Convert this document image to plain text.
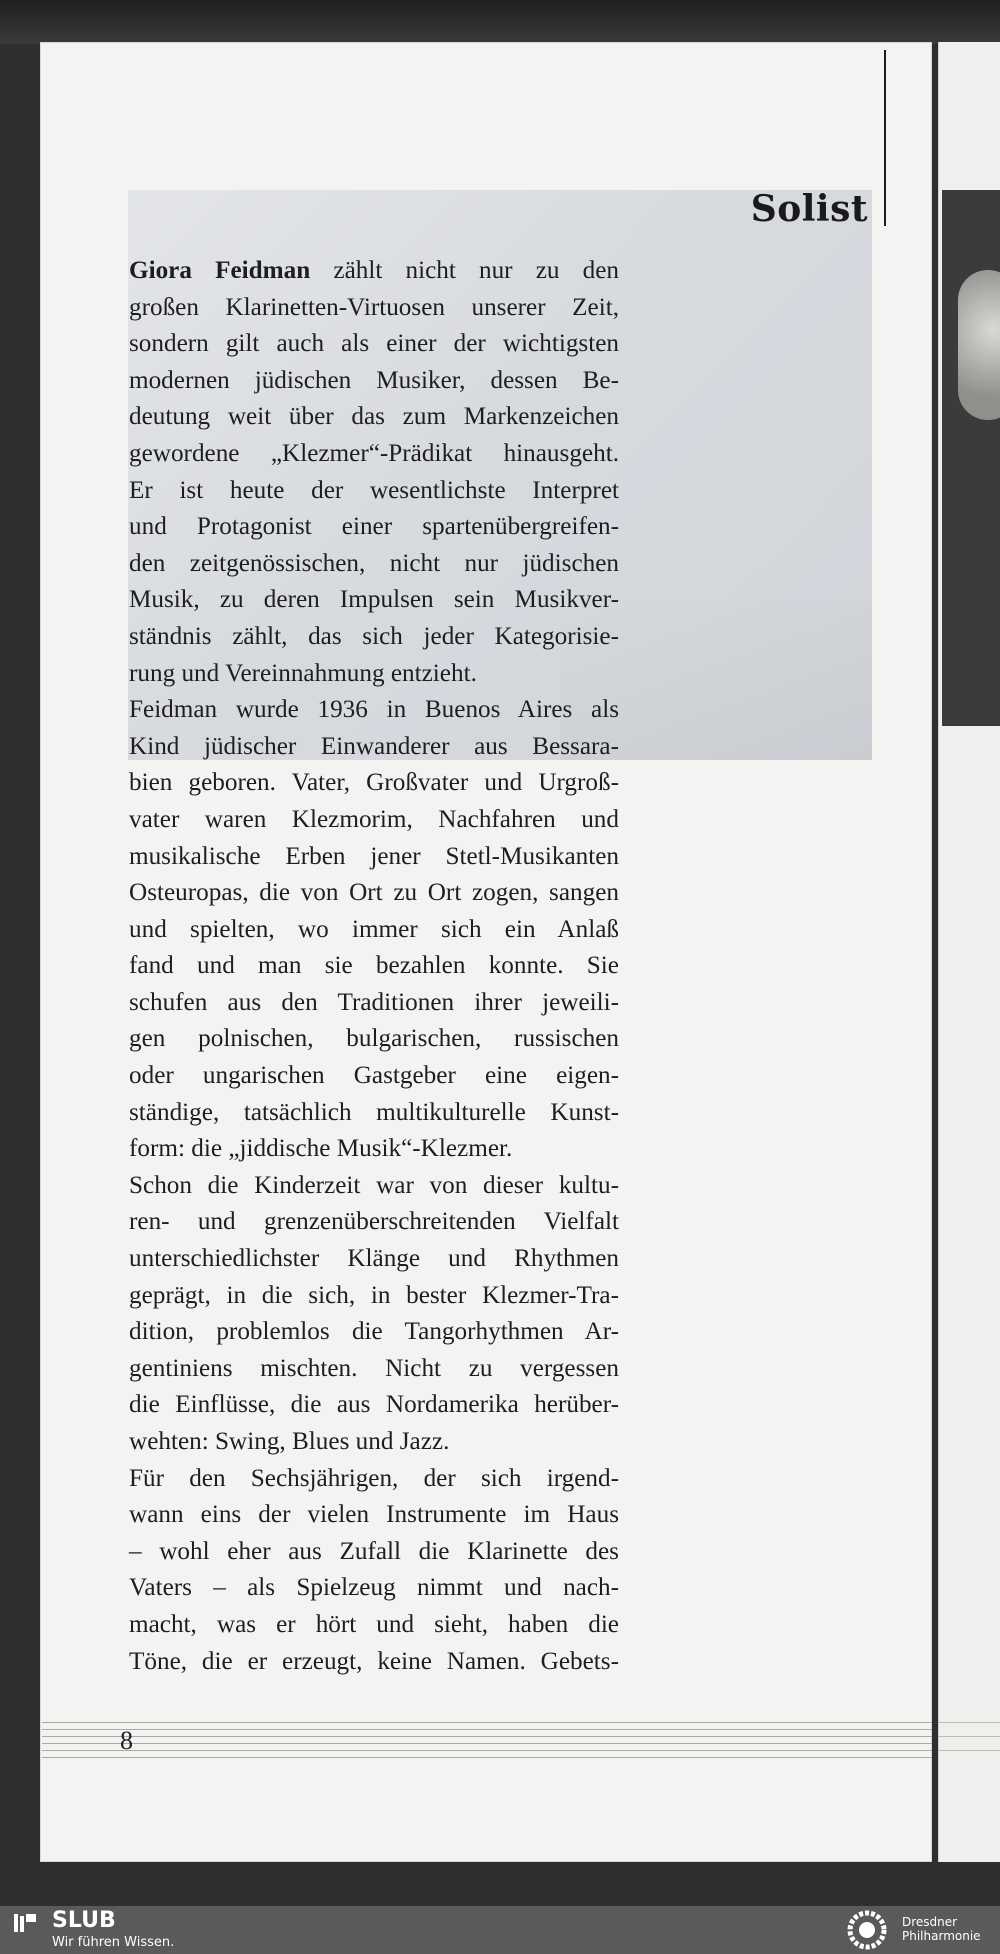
Solist
Giora Feidman zählt nicht nur zu den
großen Klarinetten-Virtuosen unserer Zeit,
sondern gilt auch als einer der wichtigsten
modernen jüdischen Musiker, dessen Be-
deutung weit über das zum Markenzeichen
gewordene „Klezmer“-Prädikat hinausgeht.
Er ist heute der wesentlichste Interpret
und Protagonist einer spartenübergreifen-
den zeitgenössischen, nicht nur jüdischen
Musik, zu deren Impulsen sein Musikver-
ständnis zählt, das sich jeder Kategorisie-
rung und Vereinnahmung entzieht.
Feidman wurde 1936 in Buenos Aires als
Kind jüdischer Einwanderer aus Bessara-
bien geboren. Vater, Großvater und Urgroß-
vater waren Klezmorim, Nachfahren und
musikalische Erben jener Stetl-Musikanten
Osteuropas, die von Ort zu Ort zogen, sangen
und spielten, wo immer sich ein Anlaß
fand und man sie bezahlen konnte. Sie
schufen aus den Traditionen ihrer jeweili-
gen polnischen, bulgarischen, russischen
oder ungarischen Gastgeber eine eigen-
ständige, tatsächlich multikulturelle Kunst-
form: die „jiddische Musik“-Klezmer.
Schon die Kinderzeit war von dieser kultu-
ren- und grenzenüberschreitenden Vielfalt
unterschiedlichster Klänge und Rhythmen
geprägt, in die sich, in bester Klezmer-Tra-
dition, problemlos die Tangorhythmen Ar-
gentiniens mischten. Nicht zu vergessen
die Einflüsse, die aus Nordamerika herüber-
wehten: Swing, Blues und Jazz.
Für den Sechsjährigen, der sich irgend-
wann eins der vielen Instrumente im Haus
– wohl eher aus Zufall die Klarinette des
Vaters – als Spielzeug nimmt und nach-
macht, was er hört und sieht, haben die
Töne, die er erzeugt, keine Namen. Gebets-
8
SLUB
Wir führen Wissen.
Dresdner
Philharmonie
